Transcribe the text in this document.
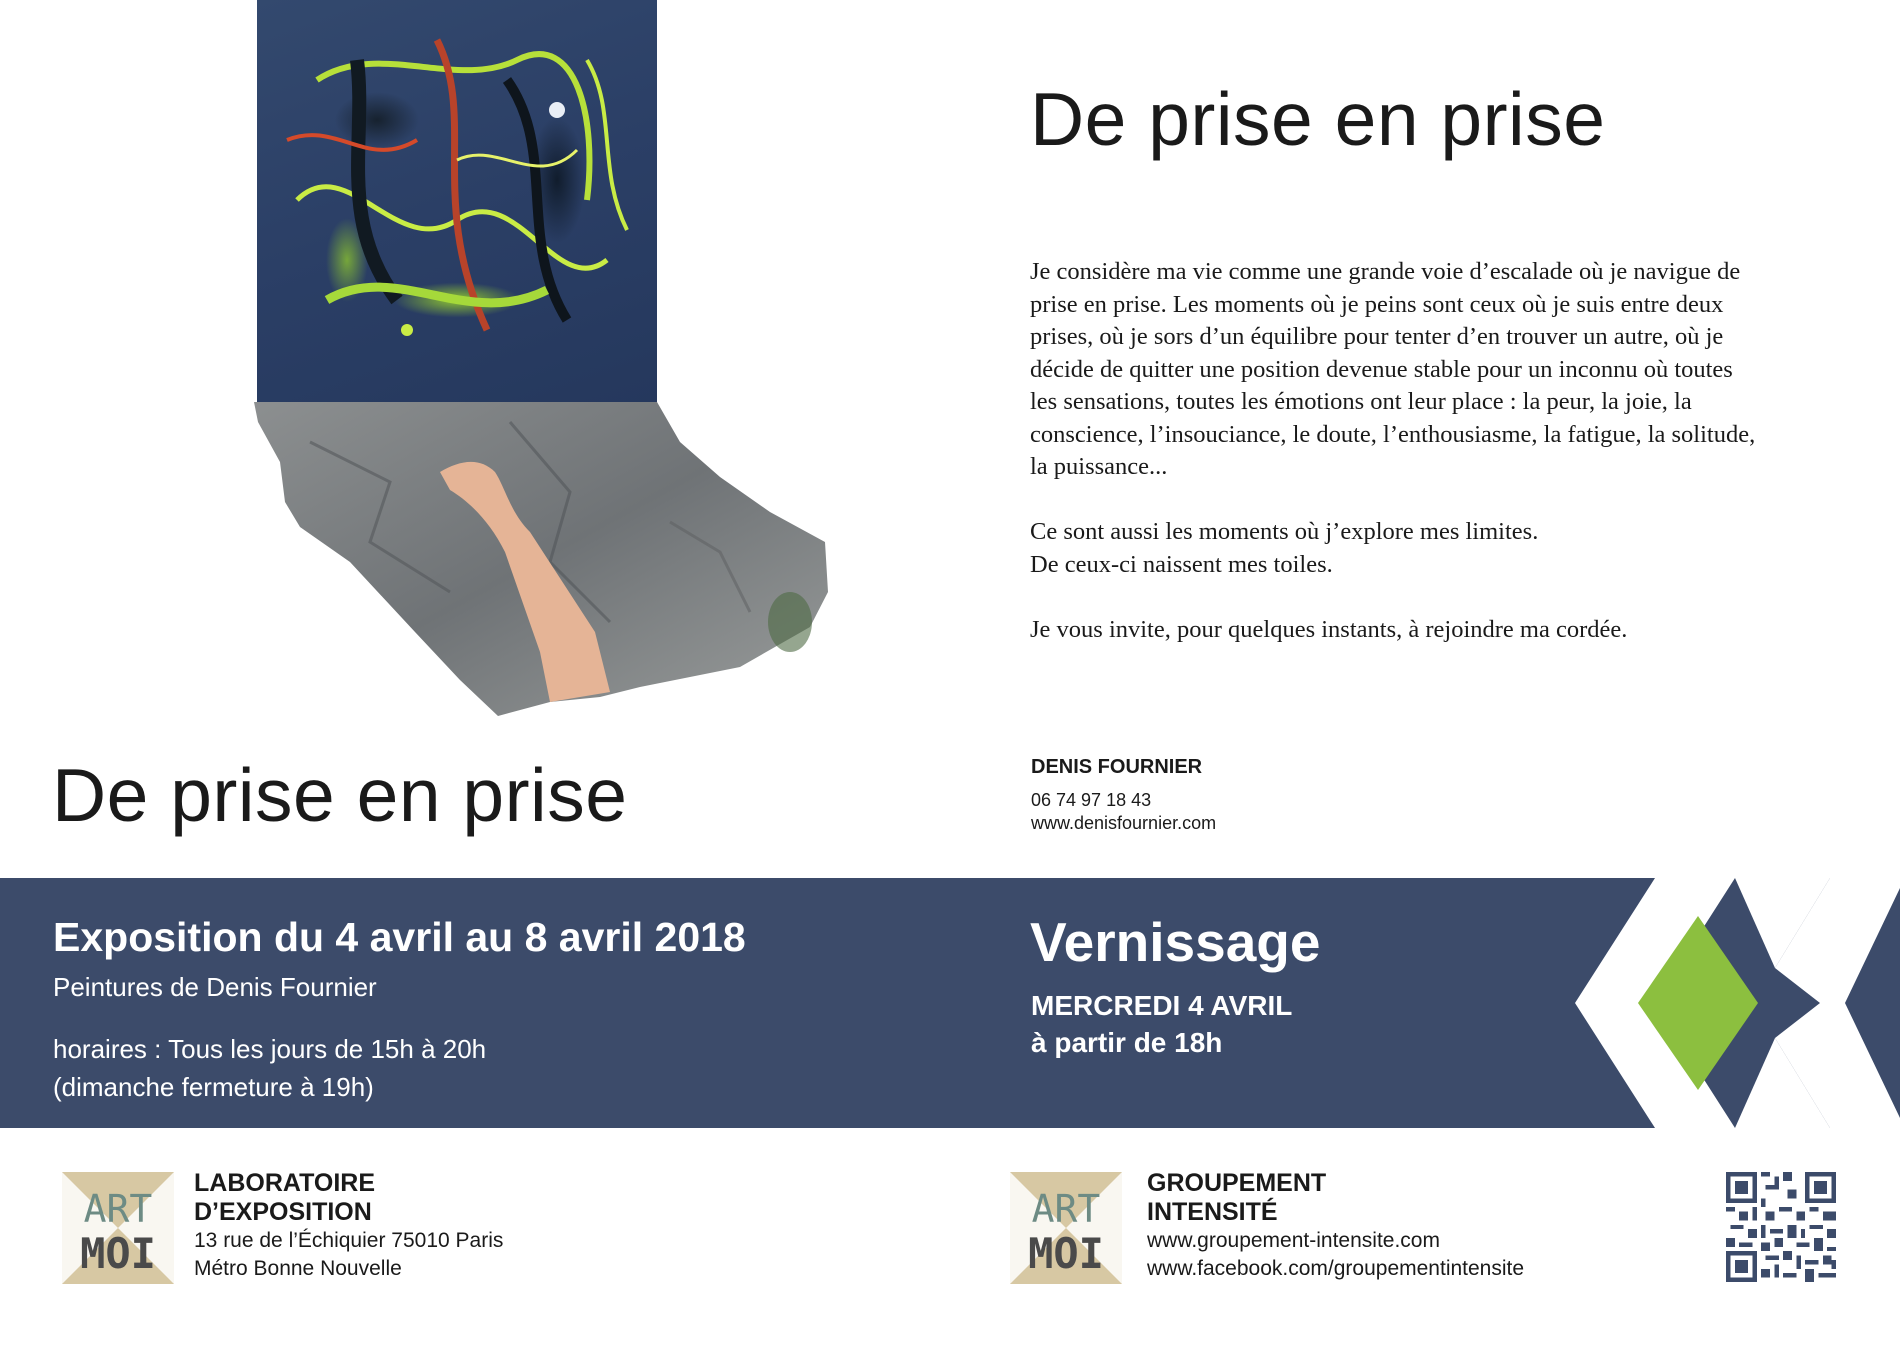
De prise en prise
De prise en prise

Je considère ma vie comme une grande voie d’escalade où je navigue de
prise en prise. Les moments où je peins sont ceux où je suis entre deux
prises, où je sors d’un équilibre pour tenter d’en trouver un autre, où je
décide de quitter une position devenue stable pour un inconnu où toutes
les sensations, toutes les émotions ont leur place : la peur, la joie, la
conscience, l’insouciance, le doute, l’enthousiasme, la fatigue, la solitude,
la puissance...

Ce sont aussi les moments où j’explore mes limites.
De ceux-ci naissent mes toiles.

Je vous invite, pour quelques instants, à rejoindre ma cordée.

DENIS FOURNIER
06 74 97 18 43
www.denisfournier.com
Exposition du 4 avril au 8 avril 2018
Peintures de Denis Fournier
horaires : Tous les jours de 15h à 20h
(dimanche fermeture à 19h)
Vernissage
MERCREDI 4 AVRIL
à partir de 18h
ART
MOI
LABORATOIRE
D’EXPOSITION
13 rue de l’Échiquier 75010 Paris
Métro Bonne Nouvelle
ART
MOI
GROUPEMENT
INTENSITÉ
www.groupement-intensite.com
www.facebook.com/groupementintensite
